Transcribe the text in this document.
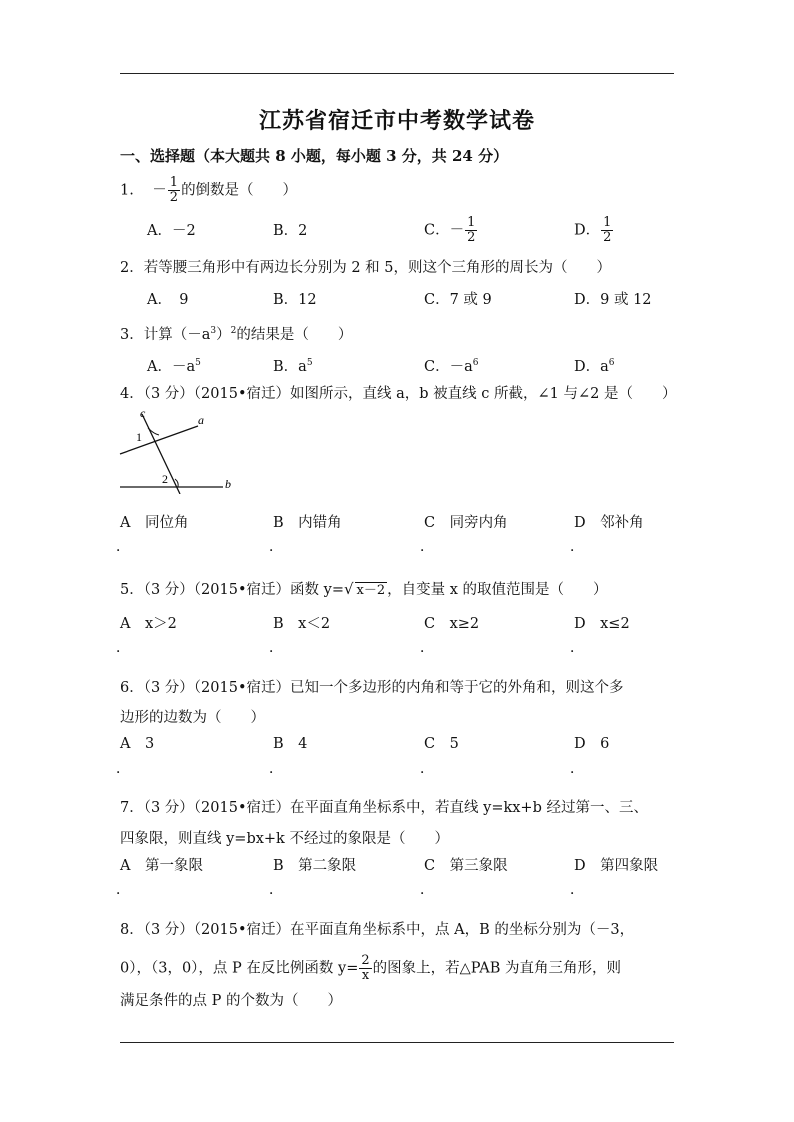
江苏省宿迁市中考数学试卷
一、选择题（本大题共 8 小题，每小题 3 分，共 24 分）
1. － $\frac{1}{2}$ 的倒数是（　　）
A．－2	B．2	C．－ $\frac{1}{2}$	D． $\frac{1}{2}$
2．若等腰三角形中有两边长分别为 2 和 5，则这个三角形的周长为（　　）
A．　9	B．12	C．7 或 9	D．9 或 12
3．计算$(-a^3)^2$的结果是（　　）
A．$-a^5$	B．$a^5$	C．$-a^6$	D．$a^6$
4．（3 分）（2015•宿迁）如图所示，直线 a，b 被直线 c 所截，∠1 与∠2 是（　　）
c	a
b
1
2
A　同位角	B　内错角	C　同旁内角	D　邻补角
．	．	．	．
5．（3 分）（2015•宿迁）函数 y=√ x－2 ，自变量 x 的取值范围是（　　）
A　x＞2	B　x＜2	C　x≥2	D　x≤2
．	．	．	．
6．（3 分）（2015•宿迁）已知一个多边形的内角和等于它的外角和，则这个多
边形的边数为（　　）
A　3	B　4	C　5	D　6
．	．	．	．
7．（3 分）（2015•宿迁）在平面直角坐标系中，若直线 y=kx+b 经过第一、三、
四象限，则直线 y=bx+k 不经过的象限是（　　）
A　第一象限	B　第二象限	C　第三象限	D　第四象限
．	．	．	．
8．（3 分）（2015•宿迁）在平面直角坐标系中，点 A，B 的坐标分别为（－3，
0），（3，0），点 P 在反比例函数 $y= \frac{2}{x}$ 的图象上，若△PAB 为直角三角形，则
满足条件的点 P 的个数为（　　）
